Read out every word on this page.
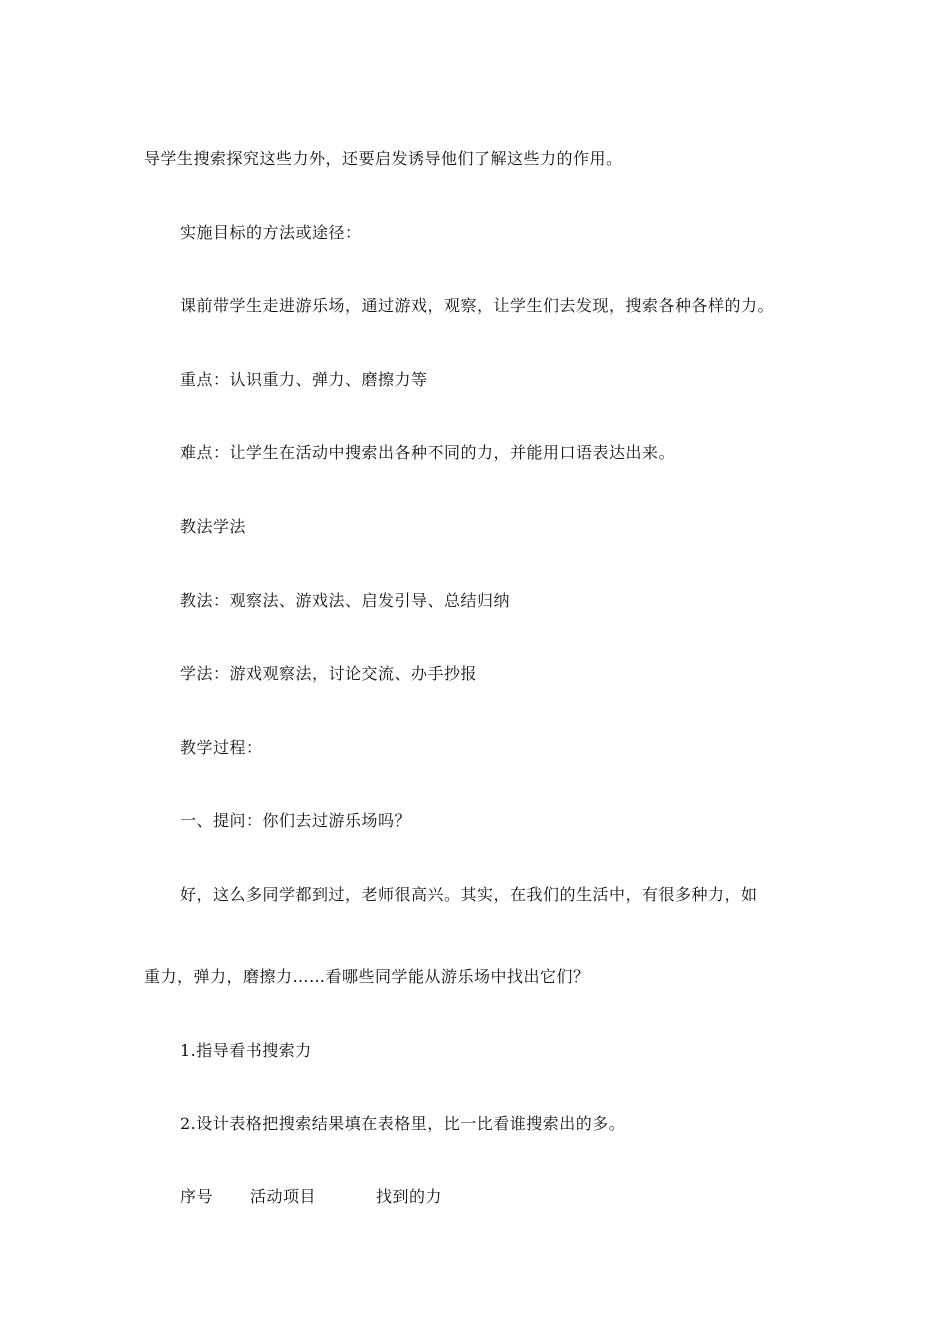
导学生搜索探究这些力外，还要启发诱导他们了解这些力的作用。
实施目标的方法或途径：
课前带学生走进游乐场，通过游戏，观察，让学生们去发现，搜索各种各样的力。
重点：认识重力、弹力、磨擦力等
难点：让学生在活动中搜索出各种不同的力，并能用口语表达出来。
教法学法
教法：观察法、游戏法、启发引导、总结归纳
学法：游戏观察法，讨论交流、办手抄报
教学过程：
一、提问：你们去过游乐场吗？
好，这么多同学都到过，老师很高兴。其实，在我们的生活中，有很多种力，如
重力，弹力，磨擦力……看哪些同学能从游乐场中找出它们？
1.指导看书搜索力
2.设计表格把搜索结果填在表格里，比一比看谁搜索出的多。
序号 活动项目	找到的力
